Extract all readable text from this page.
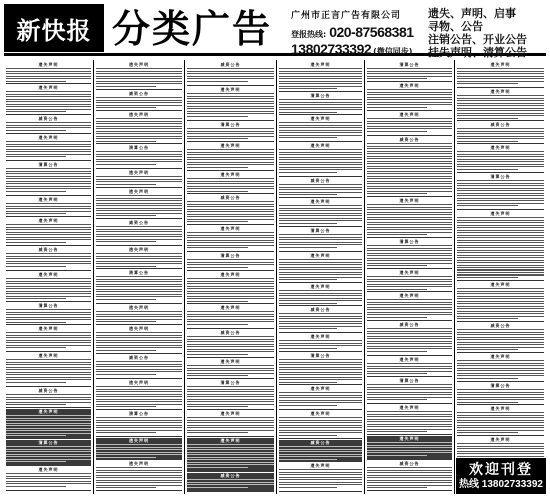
新快报 分类广告 广州市正言广告有限公司
登报热线: 020-87568381
13802733392 (微信同步)
遗失、声明、启事
寻物、公告
注销公告、开业公告
挂失声明、清算公告
遗失声明
遗失声明
减资公告
遗失声明
清算公告
遗失声明
遗失声明
减资公告
遗失声明
清算公告
遗失声明
遗失声明
减资公告
遗失声明
清算公告
遗失声明
遗失声明
减资公告
遗失声明
清算公告
遗失声明
遗失声明
减资公告
遗失声明
清算公告
遗失声明
遗失声明
减资公告
遗失声明
清算公告
遗失声明
遗失声明
减资公告
遗失声明
清算公告
遗失声明
遗失声明
减资公告
遗失声明
清算公告
遗失声明
遗失声明
减资公告
遗失声明
清算公告
遗失声明
遗失声明
减资公告
遗失声明
清算公告
遗失声明
遗失声明
减资公告
遗失声明
清算公告
遗失声明
遗失声明
减资公告
遗失声明
清算公告
遗失声明
遗失声明
减资公告
遗失声明
清算公告
遗失声明
遗失声明
减资公告
遗失声明
清算公告
遗失声明
遗失声明
减资公告
遗失声明
清算公告
遗失声明
遗失声明
减资公告
遗失声明
遗失声明
减资公告
遗失声明
清算公告
遗失声明
遗失声明
减资公告
遗失声明
清算公告
遗失声明
遗失声明
欢迎刊登
热线 13802733392
